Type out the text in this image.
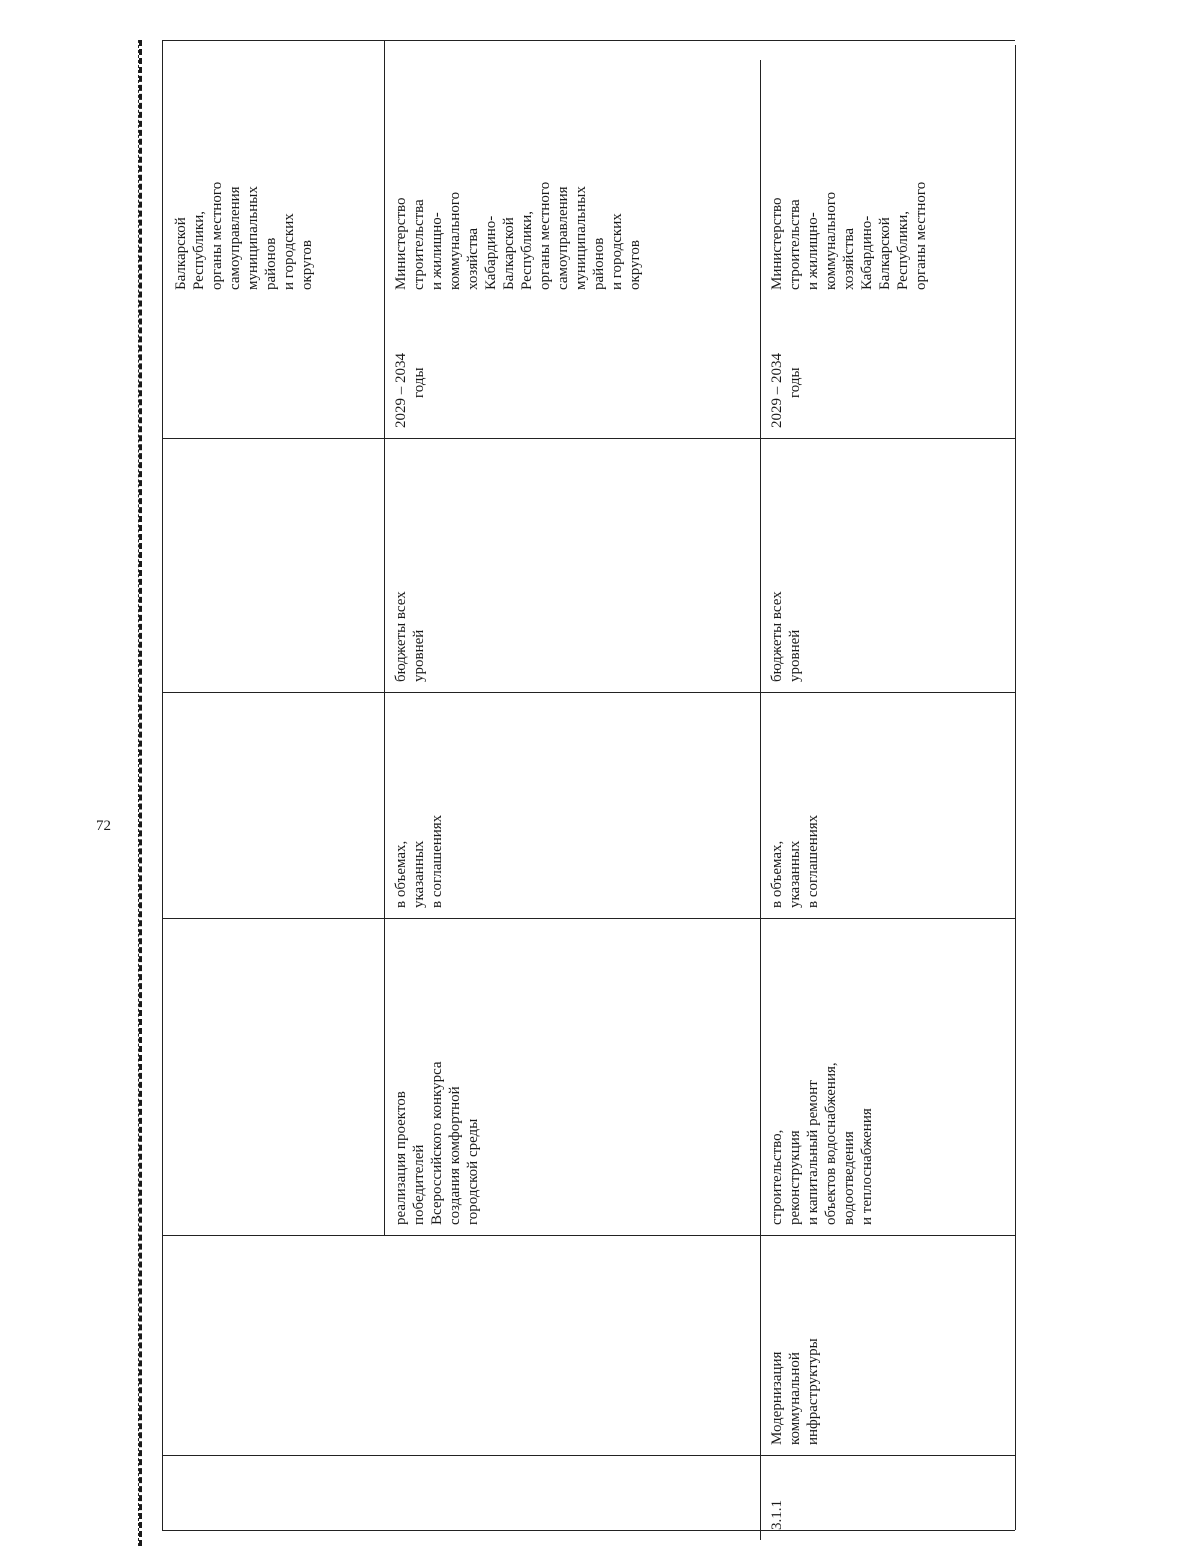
72
Балкарской Республики, органы местного самоуправления муниципальных районов и городских округов
реализация проектов победителей Всероссийского конкурса создания комфортной городской среды
в объемах, указанных в соглашениях
бюджеты всех уровней
2029 – 2034 годы
Министерство строительства и жилищно- коммунального хозяйства Кабардино- Балкарской Республики, органы местного самоуправления муниципальных районов и городских округов
3.1.1
Модернизация коммунальной инфраструктуры
строительство, реконструкция и капитальный ремонт объектов водоснабжения, водоотведения и теплоснабжения
в объемах, указанных в соглашениях
бюджеты всех уровней
2029 – 2034 годы
Министерство строительства и жилищно- коммунального хозяйства Кабардино- Балкарской Республики, органы местного
